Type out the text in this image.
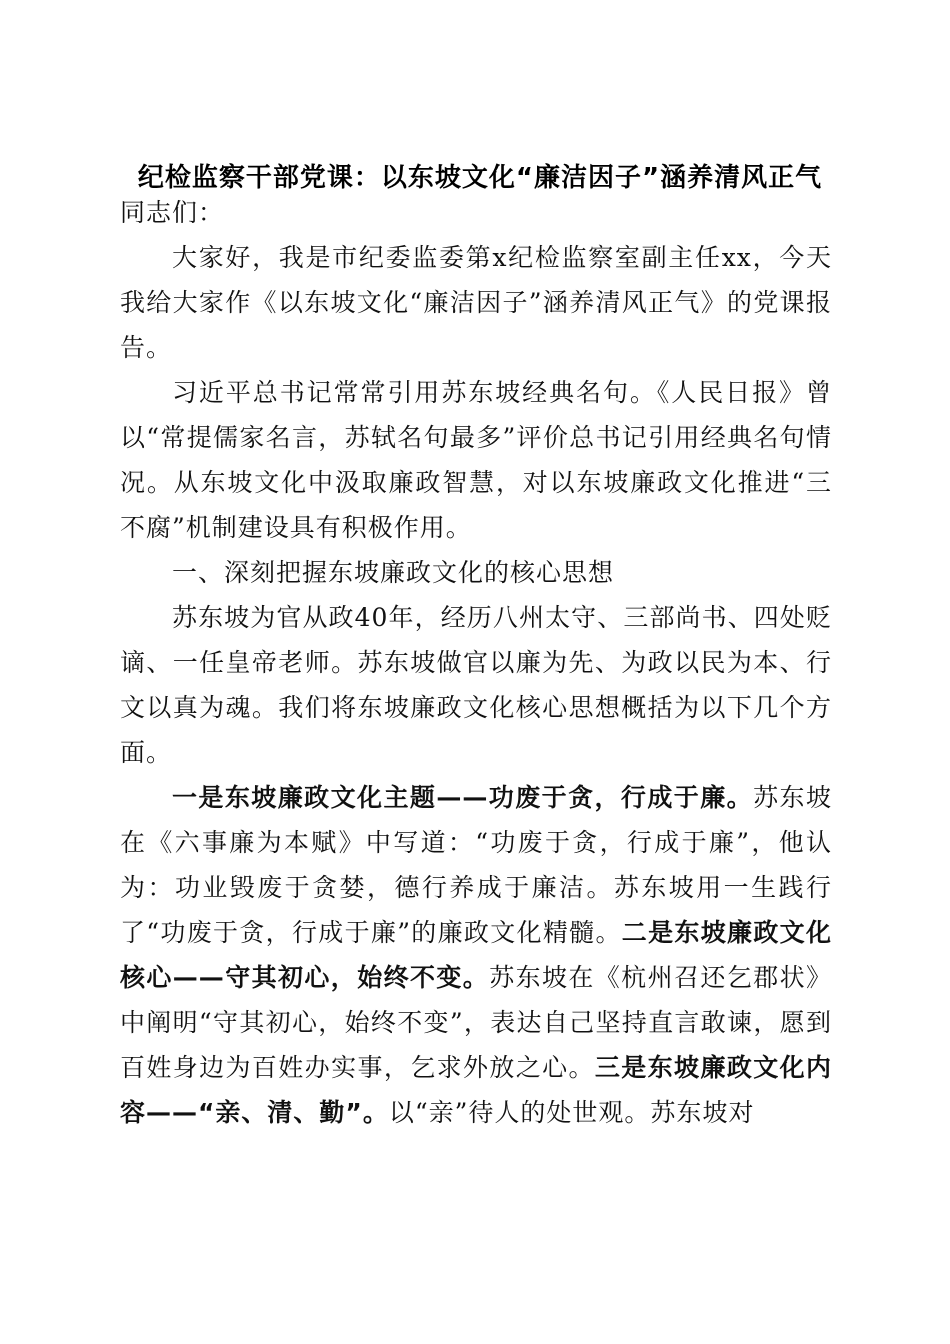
纪检监察干部党课：以东坡文化“廉洁因子”涵养清风正气

同志们：

大家好，我是市纪委监委第x纪检监察室副主任xx，今天我给大家作《以东坡文化“廉洁因子”涵养清风正气》的党课报告。

习近平总书记常常引用苏东坡经典名句。《人民日报》曾以“常提儒家名言，苏轼名句最多”评价总书记引用经典名句情况。从东坡文化中汲取廉政智慧，对以东坡廉政文化推进“三不腐”机制建设具有积极作用。

一、深刻把握东坡廉政文化的核心思想

苏东坡为官从政40年，经历八州太守、三部尚书、四处贬谪、一任皇帝老师。苏东坡做官以廉为先、为政以民为本、行文以真为魂。我们将东坡廉政文化核心思想概括为以下几个方面。

一是东坡廉政文化主题——功废于贪，行成于廉。苏东坡在《六事廉为本赋》中写道：“功废于贪，行成于廉”，他认为：功业毁废于贪婪，德行养成于廉洁。苏东坡用一生践行了“功废于贪，行成于廉”的廉政文化精髓。二是东坡廉政文化核心——守其初心，始终不变。苏东坡在《杭州召还乞郡状》中阐明“守其初心，始终不变”，表达自己坚持直言敢谏，愿到百姓身边为百姓办实事，乞求外放之心。三是东坡廉政文化内容——“亲、清、勤”。以“亲”待人的处世观。苏东坡对
